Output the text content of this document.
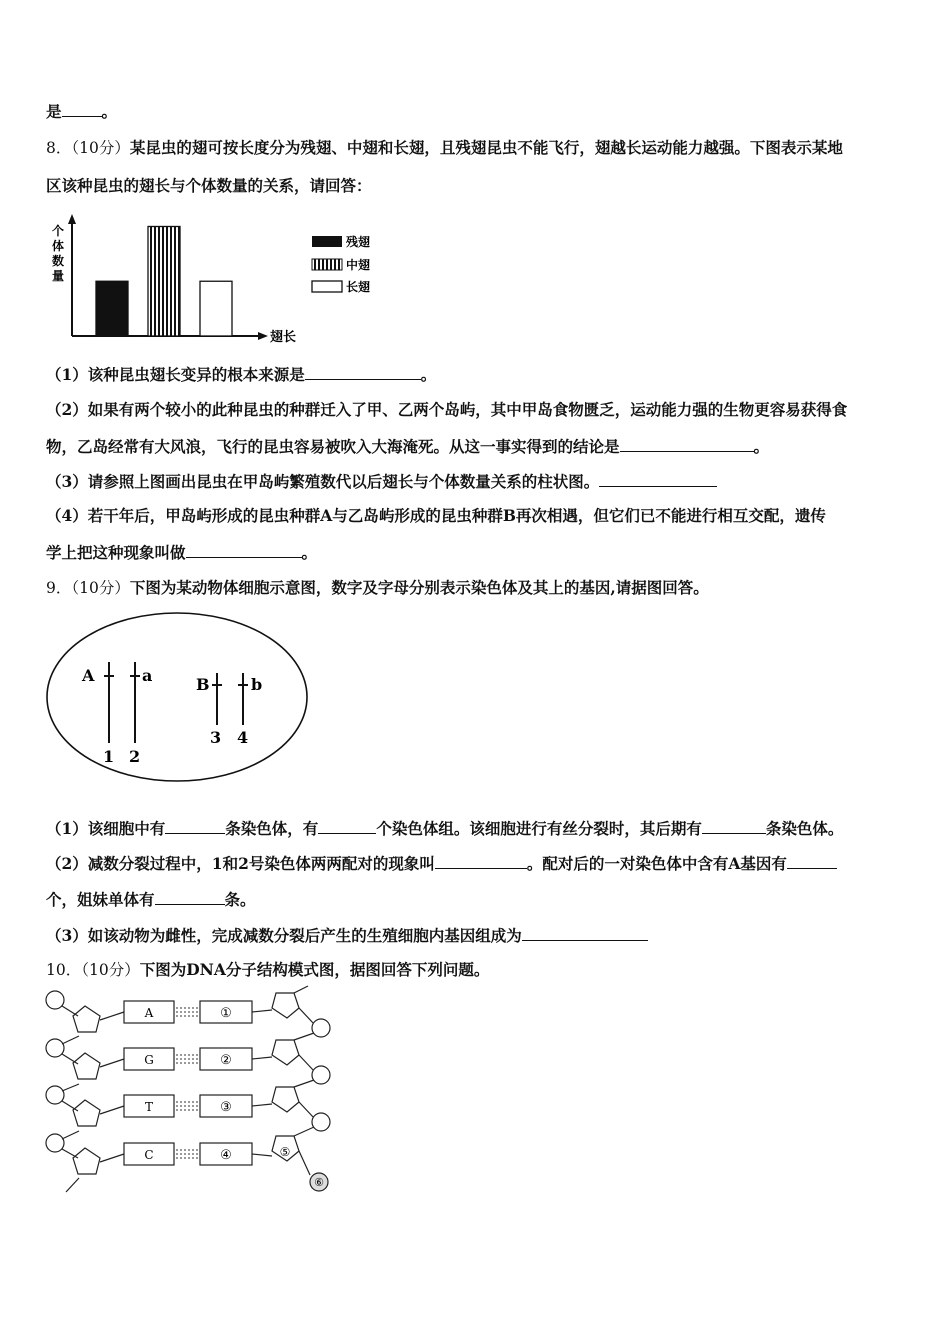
是	。
8．（10分）某昆虫的翅可按长度分为残翅、中翅和长翅，且残翅昆虫不能飞行，翅越长运动能力越强。下图表示某地
区该种昆虫的翅长与个体数量的关系，请回答：
个
体
数
量
翅长
残翅
中翅
长翅
（1）该种昆虫翅长变异的根本来源是	。
（2）如果有两个较小的此种昆虫的种群迁入了甲、乙两个岛屿，其中甲岛食物匮乏，运动能力强的生物更容易获得食
物，乙岛经常有大风浪，飞行的昆虫容易被吹入大海淹死。从这一事实得到的结论是	。
（3）请参照上图画出昆虫在甲岛屿繁殖数代以后翅长与个体数量关系的柱状图。
（4）若干年后，甲岛屿形成的昆虫种群A与乙岛屿形成的昆虫种群B再次相遇，但它们已不能进行相互交配，遗传
学上把这种现象叫做	。
9．（10分）下图为某动物体细胞示意图，数字及字母分别表示染色体及其上的基因,请据图回答。
A
1
a
2
B
3
b
4
（1）该细胞中有	条染色体，有	个染色体组。该细胞进行有丝分裂时，其后期有	条染色体。
（2）减数分裂过程中，1和2号染色体两两配对的现象叫	。配对后的一对染色体中含有A基因有
个，姐妹单体有	条。
（3）如该动物为雌性，完成减数分裂后产生的生殖细胞内基因组成为
10．（10分）下图为DNA分子结构模式图，据图回答下列问题。
A
G
T
C
①
②
③
④	⑤
⑥
